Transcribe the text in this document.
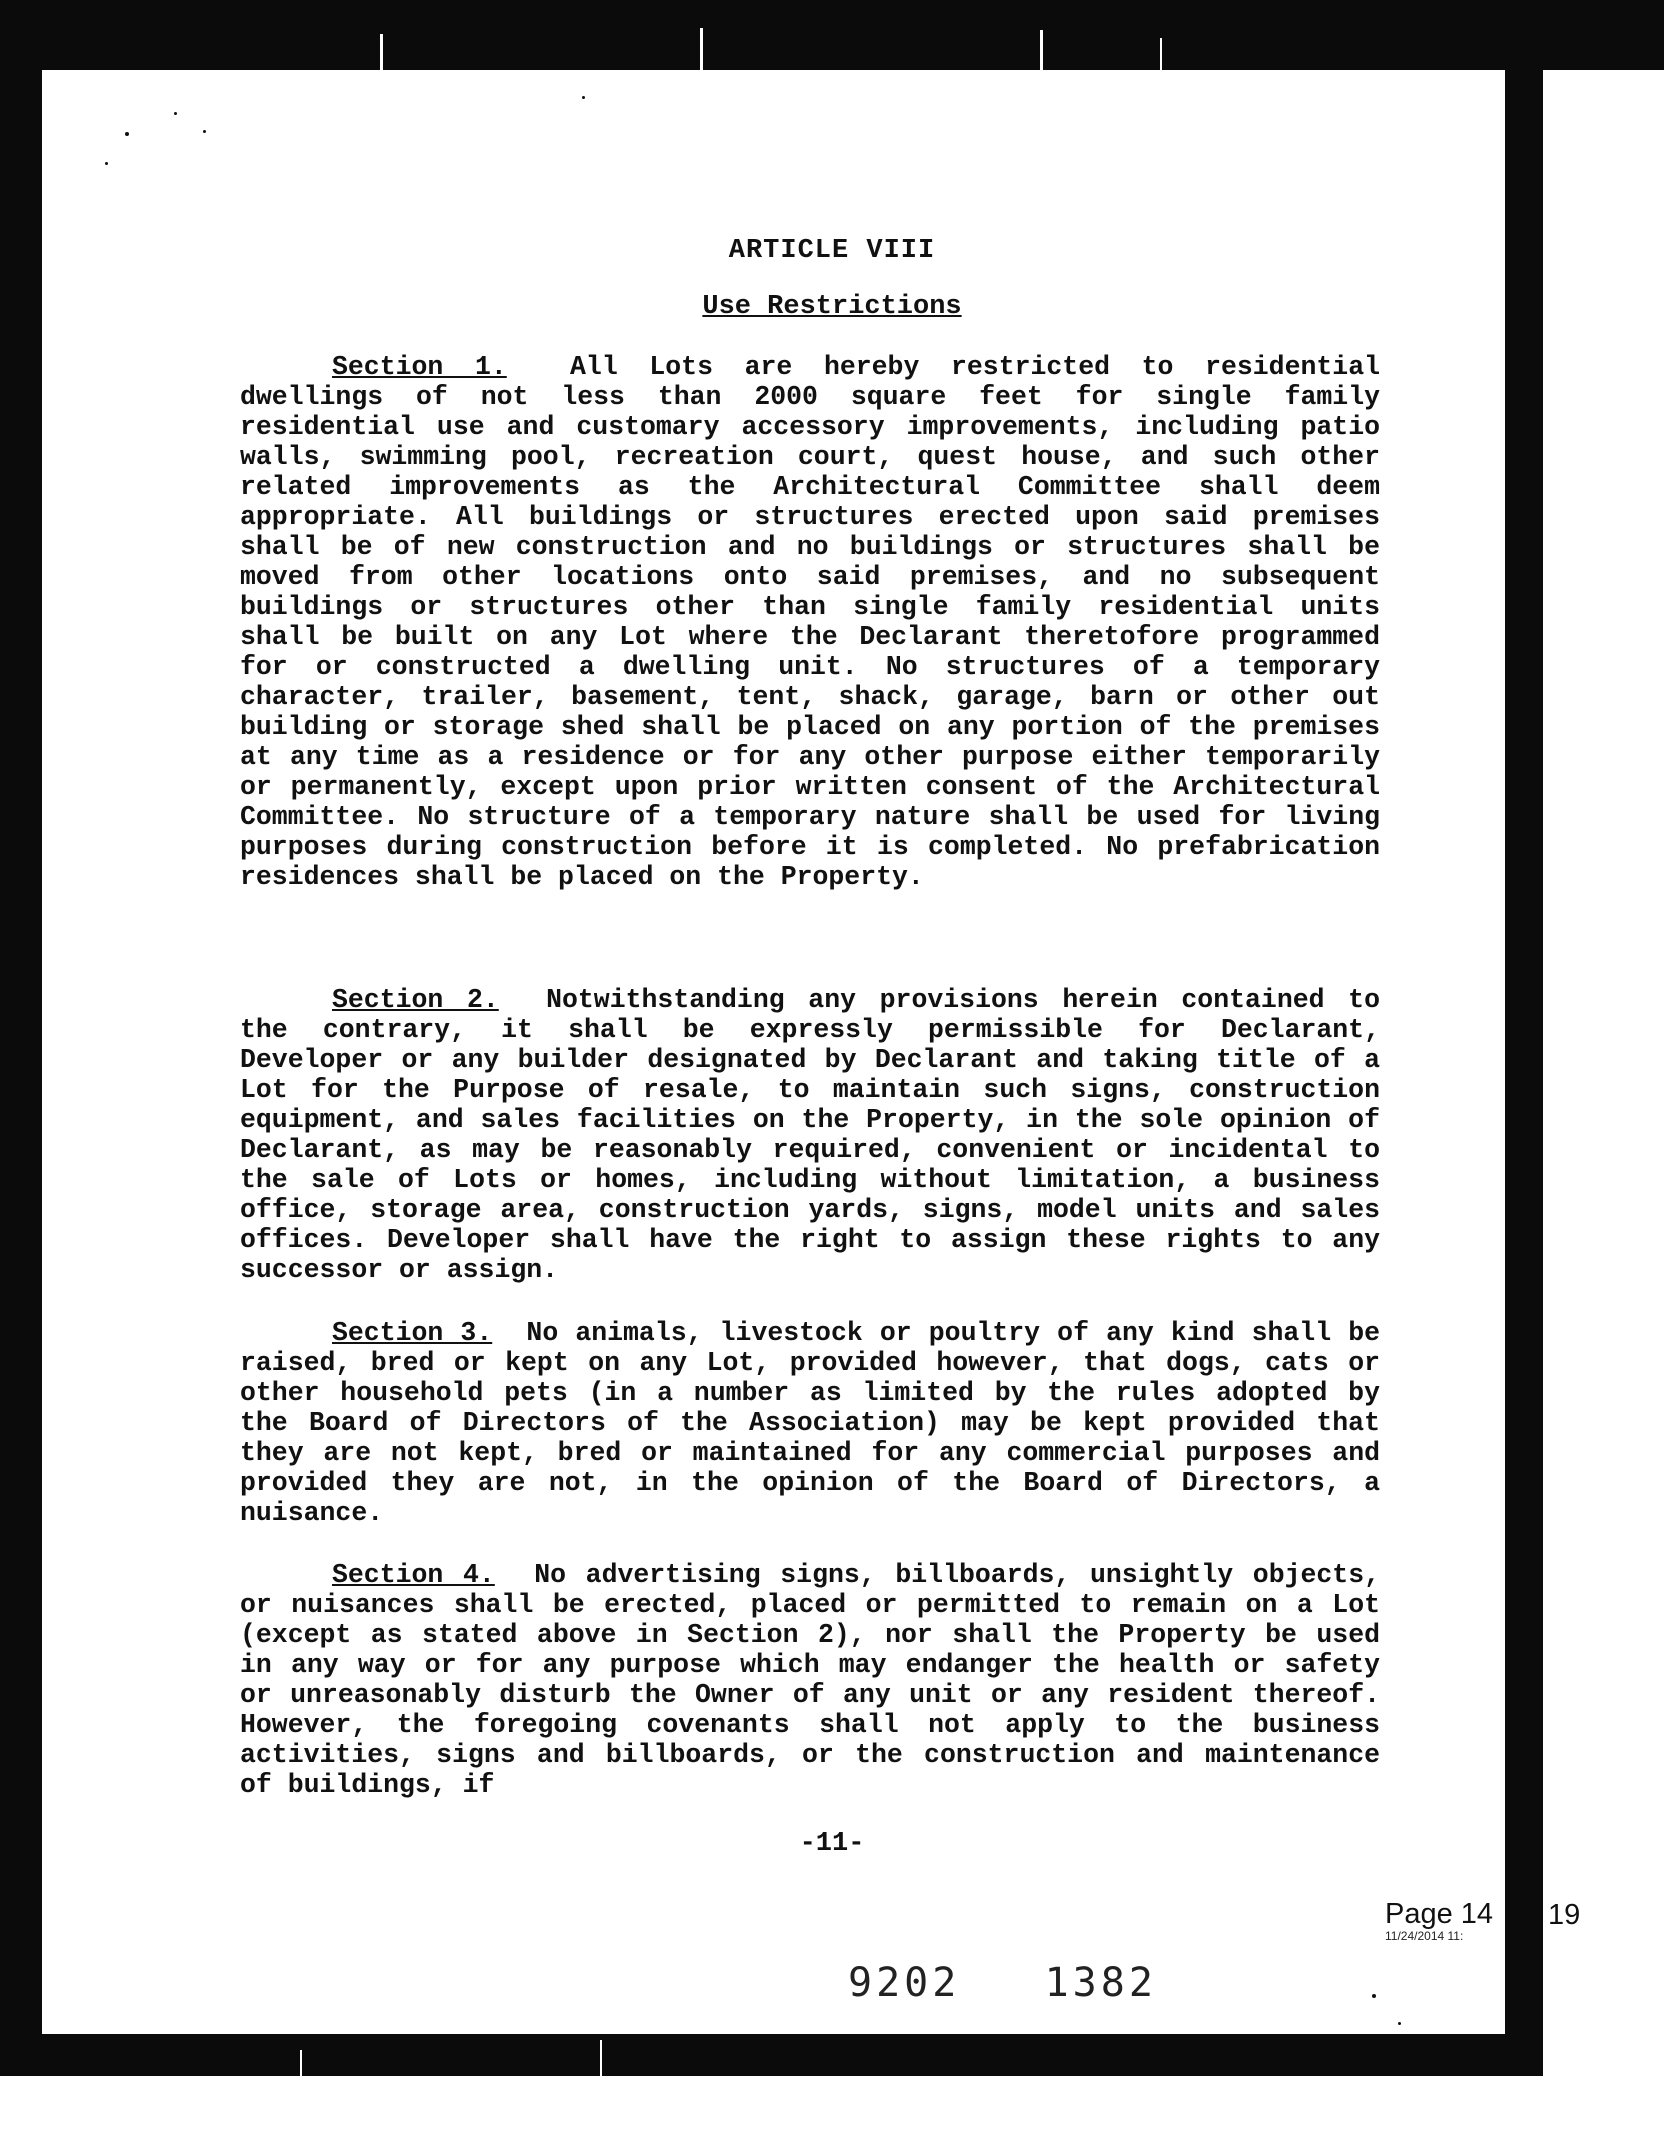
ARTICLE VIII
Use Restrictions

Section 1. All Lots are hereby restricted to residential dwellings of not less than 2000 square feet for single family residential use and customary accessory improvements, including patio walls, swimming pool, recreation court, quest house, and such other related improvements as the Architectural Committee shall deem appropriate. All buildings or structures erected upon said premises shall be of new construction and no buildings or structures shall be moved from other locations onto said premises, and no subsequent buildings or structures other than single family residential units shall be built on any Lot where the Declarant theretofore programmed for or constructed a dwelling unit. No structures of a temporary character, trailer, basement, tent, shack, garage, barn or other out building or storage shed shall be placed on any portion of the premises at any time as a residence or for any other purpose either temporarily or permanently, except upon prior written consent of the Architectural Committee. No structure of a temporary nature shall be used for living purposes during construction before it is completed. No prefabrication residences shall be placed on the Property.

Section 2. Notwithstanding any provisions herein contained to the contrary, it shall be expressly permissible for Declarant, Developer or any builder designated by Declarant and taking title of a Lot for the Purpose of resale, to maintain such signs, construction equipment, and sales facilities on the Property, in the sole opinion of Declarant, as may be reasonably required, convenient or incidental to the sale of Lots or homes, including without limitation, a business office, storage area, construction yards, signs, model units and sales offices. Developer shall have the right to assign these rights to any successor or assign.

Section 3. No animals, livestock or poultry of any kind shall be raised, bred or kept on any Lot, provided however, that dogs, cats or other household pets (in a number as limited by the rules adopted by the Board of Directors of the Association) may be kept provided that they are not kept, bred or maintained for any commercial purposes and provided they are not, in the opinion of the Board of Directors, a nuisance.

Section 4. No advertising signs, billboards, unsightly objects, or nuisances shall be erected, placed or permitted to remain on a Lot (except as stated above in Section 2), nor shall the Property be used in any way or for any purpose which may endanger the health or safety or unreasonably disturb the Owner of any unit or any resident thereof. However, the foregoing covenants shall not apply to the business activities, signs and billboards, or the construction and maintenance of buildings, if

-11-
Page 14
11/24/2014 11:
19
9202   1382
